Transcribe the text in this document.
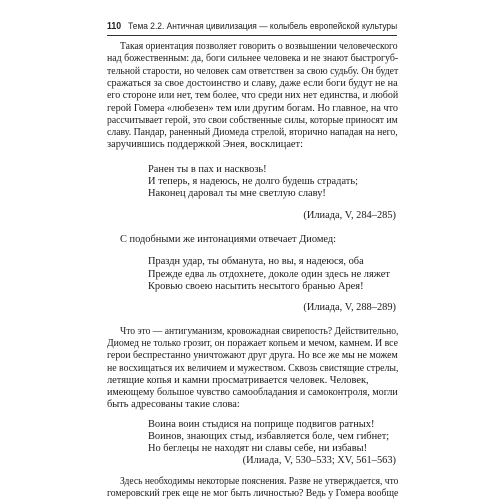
110 Тема 2.2. Античная цивилизация — колыбель европейской культуры
Такая ориентация позволяет говорить о возвышении человеческого
над божественным: да, боги сильнее человека и не знают быстрогуб-
тельной старости, но человек сам ответствен за свою судьбу. Он будет
сражаться за свое достоинство и славу, даже если боги будут не на
его стороне или нет, тем более, что среди них нет единства, и любой
герой Гомера «любезен» тем или другим богам. Но главное, на что
рассчитывает герой, это свои собственные силы, которые приносят им
славу. Пандар, раненный Диомеда стрелой, вторично нападая на него,
заручившись поддержкой Энея, восклицает:
Ранен ты в пах и насквозь!
И теперь, я надеюсь, не долго будешь страдать;
Наконец даровал ты мне светлую славу!
(Илиада, V, 284–285)
С подобными же интонациями отвечает Диомед:
Праздн удар, ты обманута, но вы, я надеюся, оба
Прежде едва ль отдохнете, доколе один здесь не ляжет
Кровью своею насытить несытого бранью Арея!
(Илиада, V, 288–289)
Что это — антигуманизм, кровожадная свирепость? Действительно,
Диомед не только грозит, он поражает копьем и мечом, камнем. И все
герои беспрестанно уничтожают друг друга. Но все же мы не можем
не восхищаться их величием и мужеством. Сквозь свистящие стрелы,
летящие копья и камни просматривается человек. Человек,
имеющему большое чувство самообладания и самоконтроля, могли
быть адресованы такие слова:
Воина воин стыдися на поприще подвигов ратных!
Воинов, знающих стыд, избавляется боле, чем гибнет;
Но беглецы не находят ни славы себе, ни избавы!
(Илиада, V, 530–533; XV, 561–563)
Здесь необходимы некоторые пояснения. Разве не утверждается, что
гомеровский грек еще не мог быть личностью? Ведь у Гомера вообще
